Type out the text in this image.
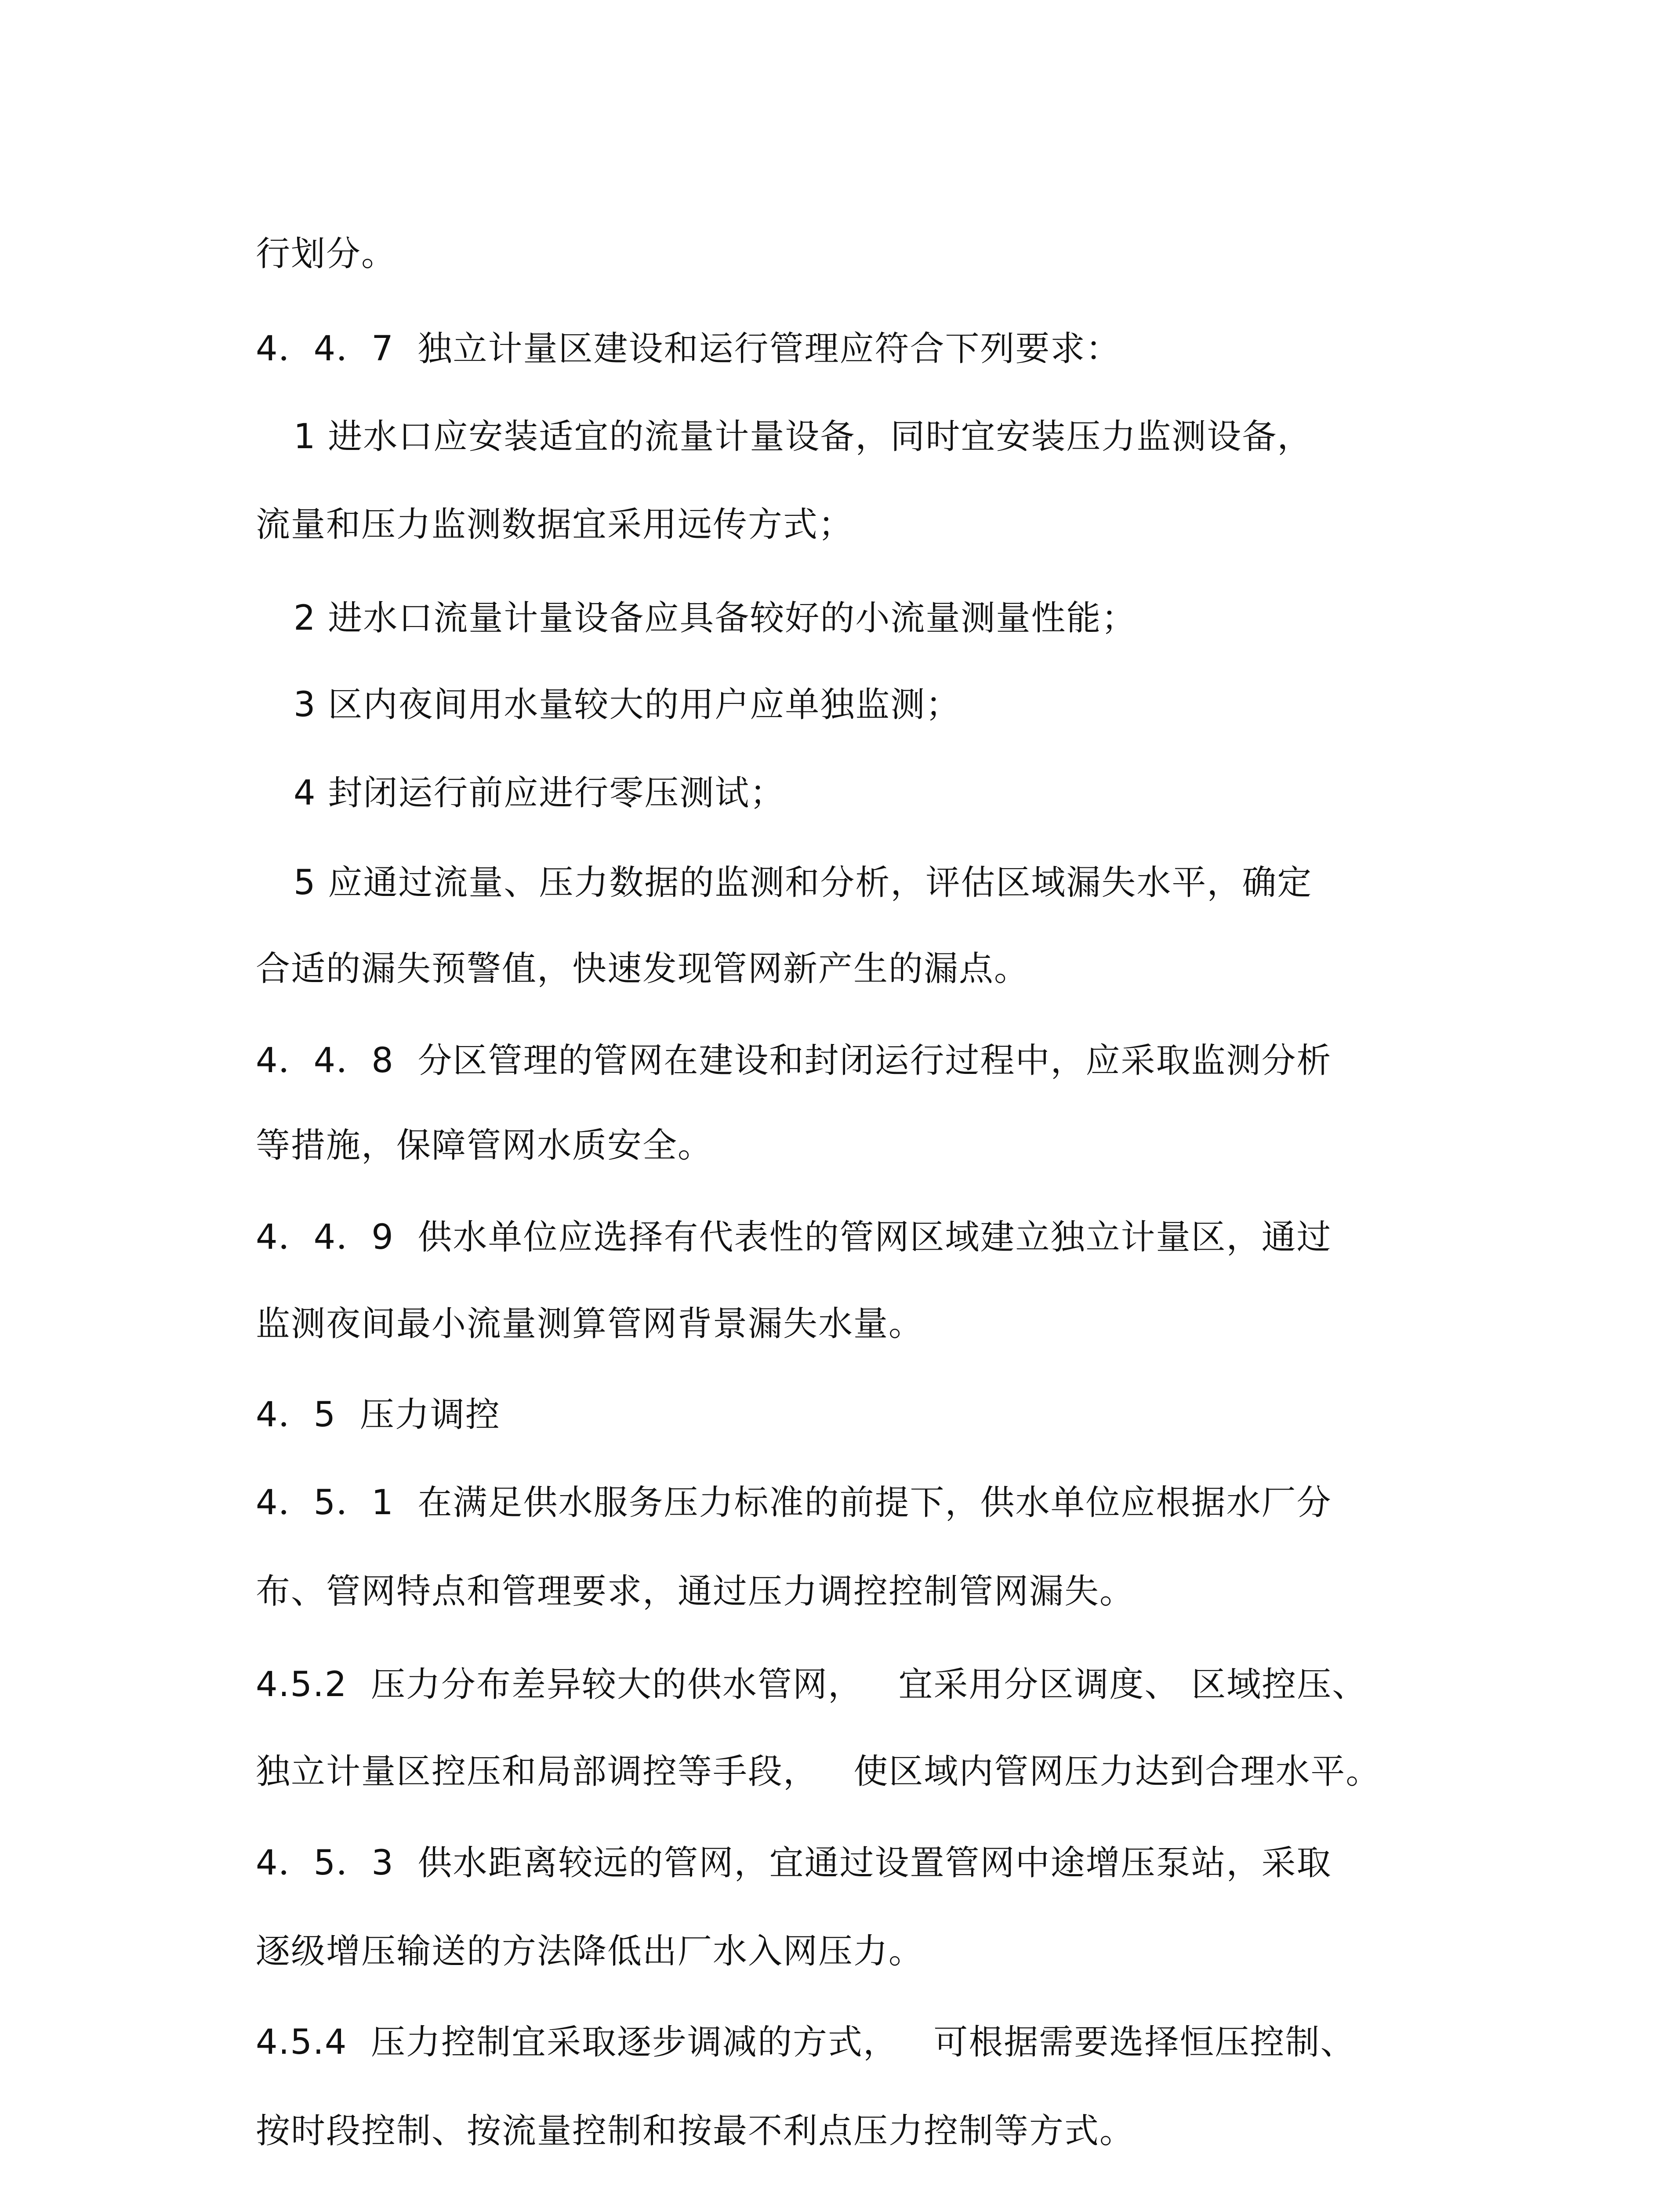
行划分。
4．4．7  独立计量区建设和运行管理应符合下列要求：
1 进水口应安装适宜的流量计量设备，同时宜安装压力监测设备，
流量和压力监测数据宜采用远传方式；
2 进水口流量计量设备应具备较好的小流量测量性能；
3 区内夜间用水量较大的用户应单独监测；
4 封闭运行前应进行零压测试；
5 应通过流量、压力数据的监测和分析，评估区域漏失水平，确定
合适的漏失预警值，快速发现管网新产生的漏点。
4．4．8  分区管理的管网在建设和封闭运行过程中，应采取监测分析
等措施，保障管网水质安全。
4．4．9  供水单位应选择有代表性的管网区域建立独立计量区，通过
监测夜间最小流量测算管网背景漏失水量。
4．5  压力调控
4．5．1  在满足供水服务压力标准的前提下，供水单位应根据水厂分
布、管网特点和管理要求，通过压力调控控制管网漏失。
4.5.2  压力分布差异较大的供水管网，   宜采用分区调度、 区域控压、
独立计量区控压和局部调控等手段，   使区域内管网压力达到合理水平。
4．5．3  供水距离较远的管网，宜通过设置管网中途增压泵站，采取
逐级增压输送的方法降低出厂水入网压力。
4.5.4  压力控制宜采取逐步调减的方式，   可根据需要选择恒压控制、
按时段控制、按流量控制和按最不利点压力控制等方式。
